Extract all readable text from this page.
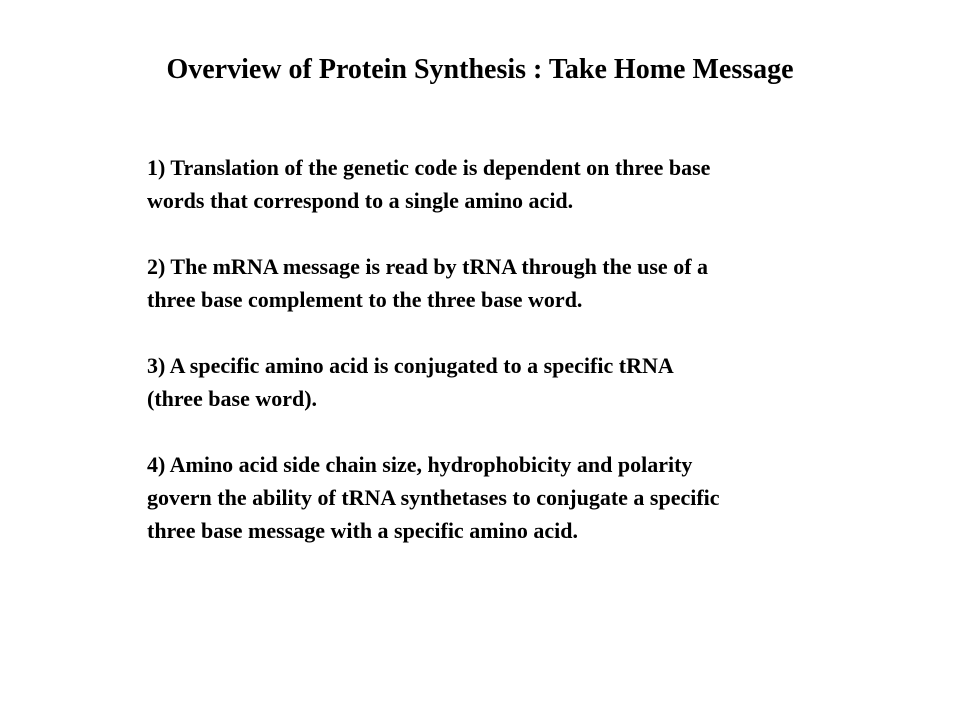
Overview of Protein Synthesis : Take Home Message
1) Translation of the genetic code is dependent on three base
words that correspond to a single amino acid.
2) The mRNA message is read by tRNA through the use of a
three base complement to the three base word.
3) A specific amino acid is conjugated to a specific tRNA
(three base word).
4) Amino acid side chain size, hydrophobicity and polarity
govern the ability of tRNA synthetases to conjugate a specific
three base message with a specific amino acid.
